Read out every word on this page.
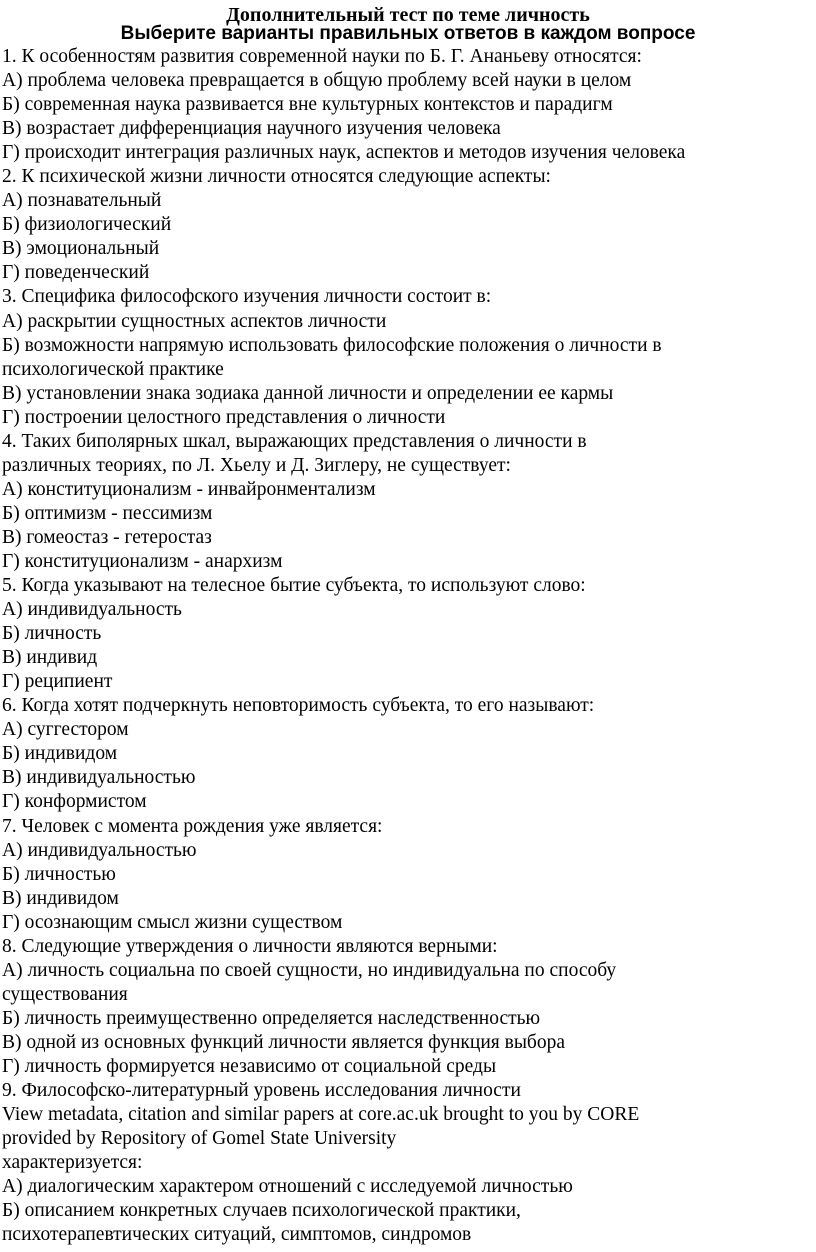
Дополнительный тест по теме личность
Выберите варианты правильных ответов в каждом вопросе
1. К особенностям развития современной науки по Б. Г. Ананьеву относятся:
А) проблема человека превращается в общую проблему всей науки в целом
Б) современная наука развивается вне культурных контекстов и парадигм
В) возрастает дифференциация научного изучения человека
Г) происходит интеграция различных наук, аспектов и методов изучения человека
2. К психической жизни личности относятся следующие аспекты:
А) познавательный
Б) физиологический
В) эмоциональный
Г) поведенческий
3. Специфика философского изучения личности состоит в:
А) раскрытии сущностных аспектов личности
Б) возможности напрямую использовать философские положения о личности в
психологической практике
В) установлении знака зодиака данной личности и определении ее кармы
Г) построении целостного представления о личности
4. Таких биполярных шкал, выражающих представления о личности в
различных теориях, по Л. Хьелу и Д. Зиглеру, не существует:
А) конституционализм - инвайронментализм
Б) оптимизм - пессимизм
В) гомеостаз - гетеростаз
Г) конституционализм - анархизм
5. Когда указывают на телесное бытие субъекта, то используют слово:
А) индивидуальность
Б) личность
В) индивид
Г) реципиент
6. Когда хотят подчеркнуть неповторимость субъекта, то его называют:
А) суггестором
Б) индивидом
В) индивидуальностью
Г) конформистом
7. Человек с момента рождения уже является:
А) индивидуальностью
Б) личностью
В) индивидом
Г) осознающим смысл жизни существом
8. Следующие утверждения о личности являются верными:
А) личность социальна по своей сущности, но индивидуальна по способу
существования
Б) личность преимущественно определяется наследственностью
В) одной из основных функций личности является функция выбора
Г) личность формируется независимо от социальной среды
9. Философско-литературный уровень исследования личности
View metadata, citation and similar papers at core.ac.uk brought to you by CORE
provided by Repository of Gomel State University
характеризуется:
А) диалогическим характером отношений с исследуемой личностью
Б) описанием конкретных случаев психологической практики,
психотерапевтических ситуаций, симптомов, синдромов
